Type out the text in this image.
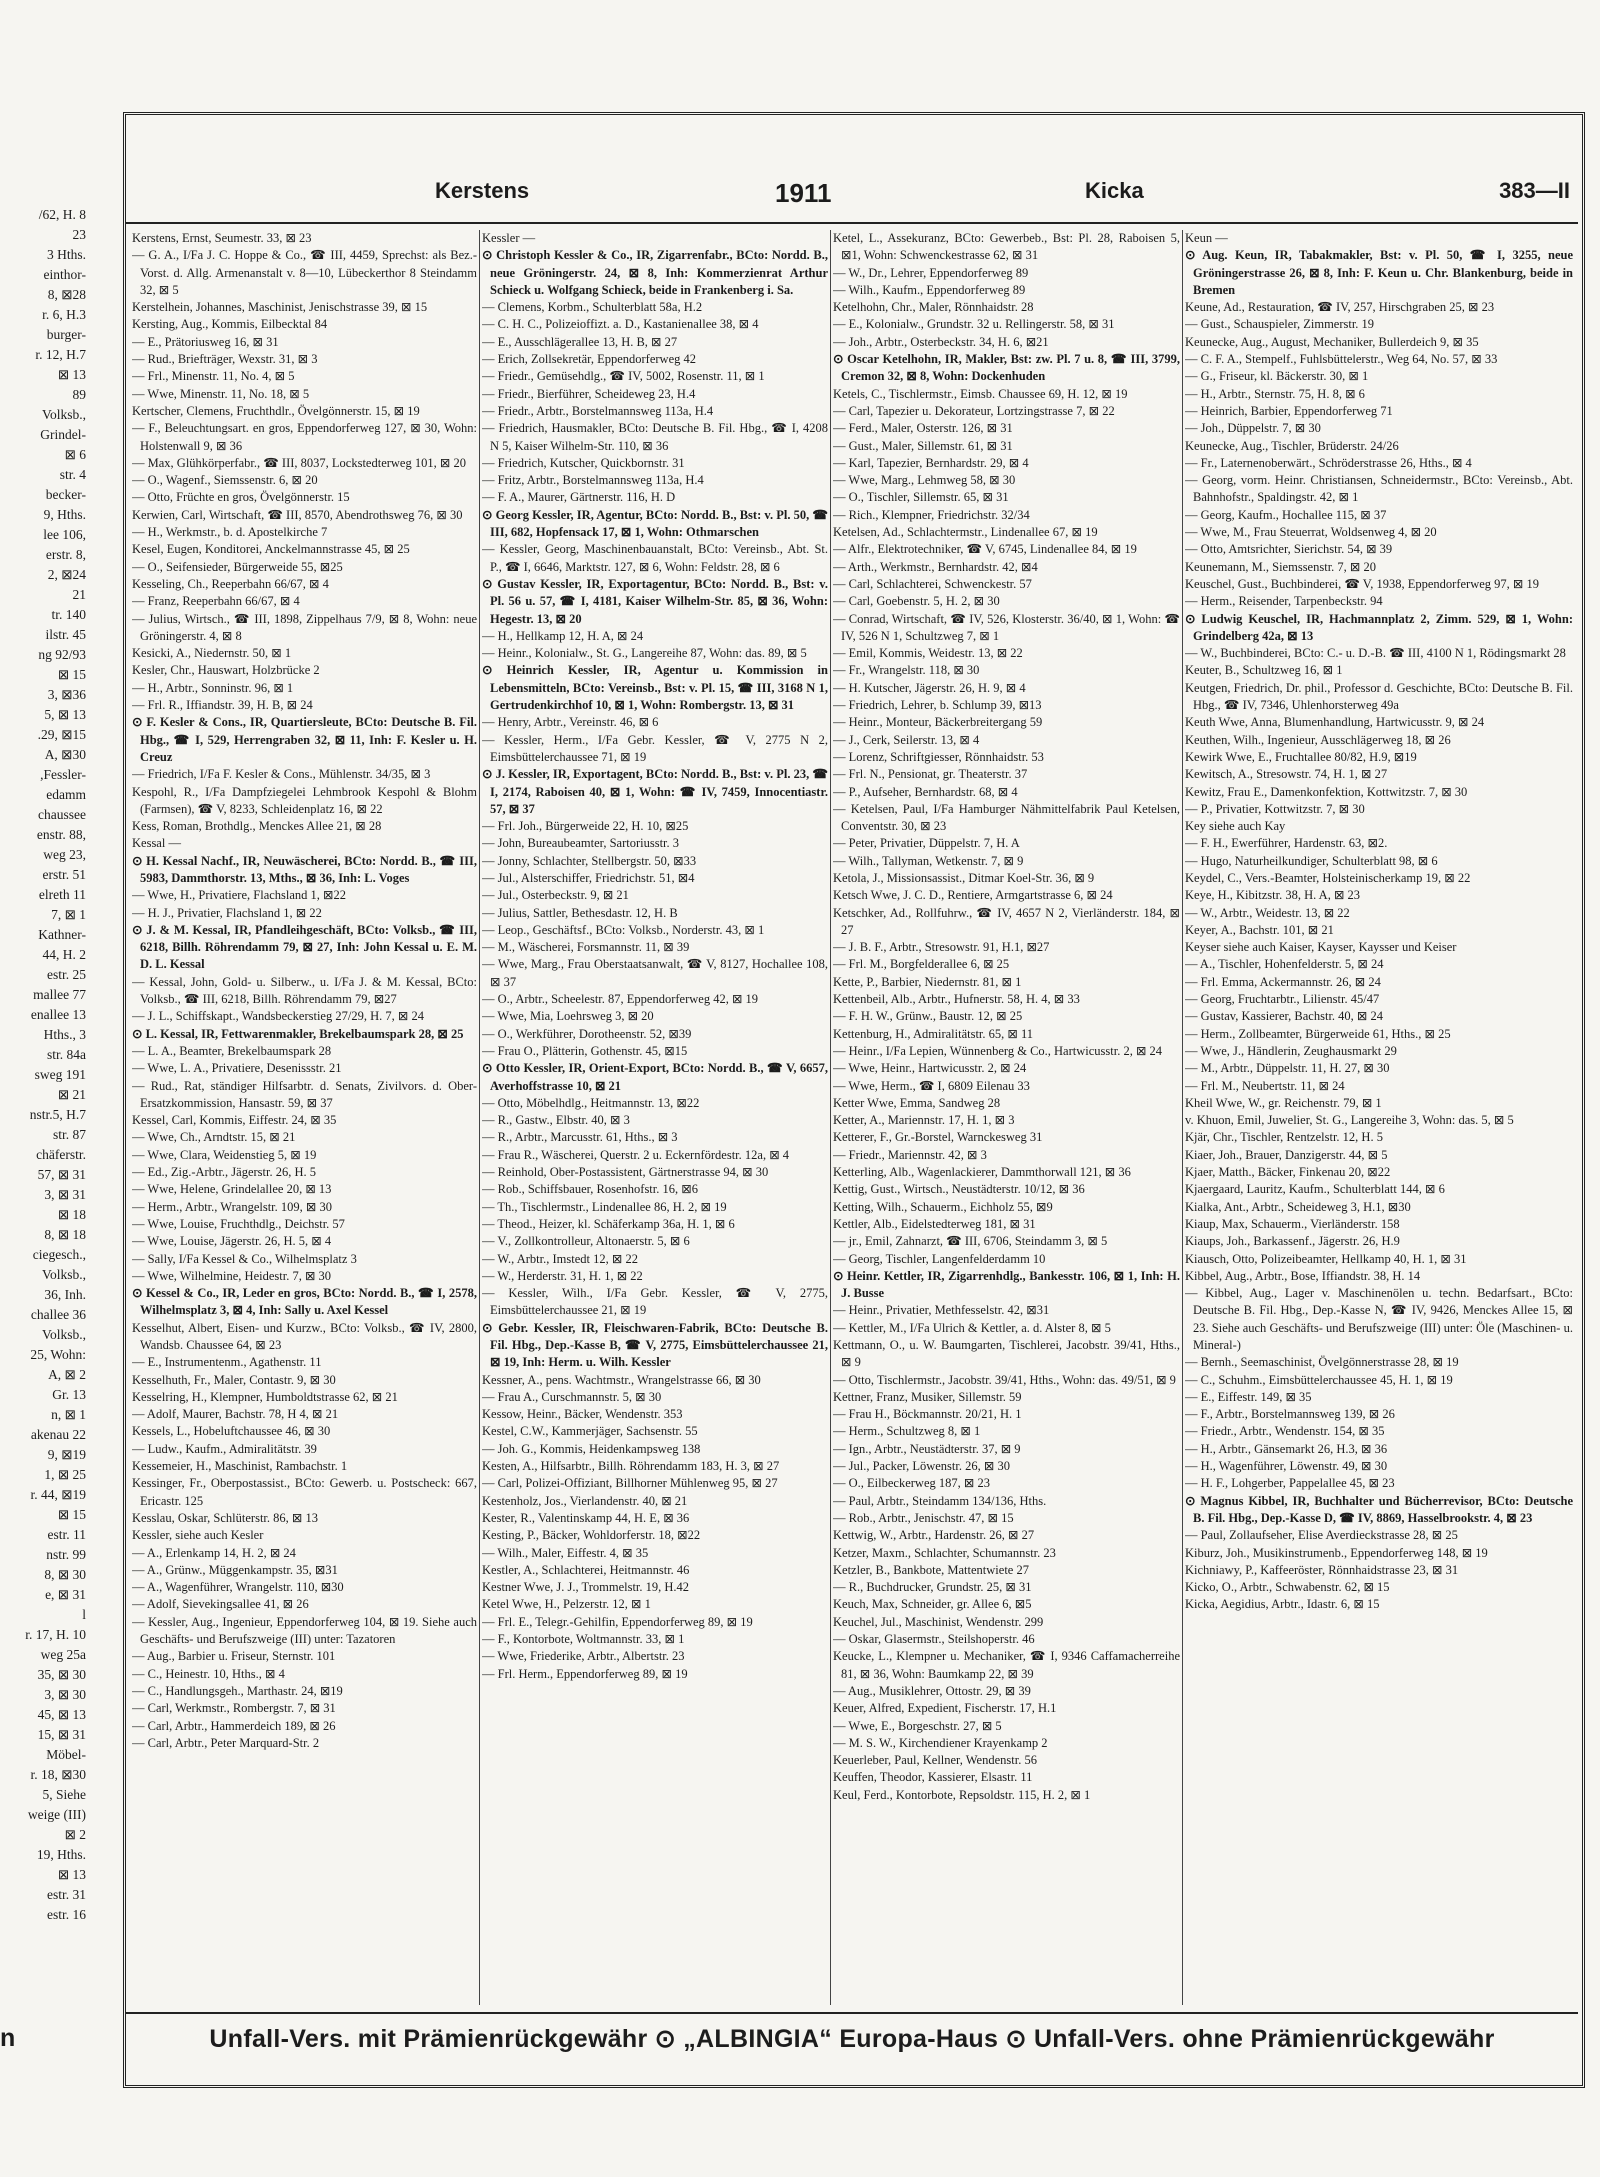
/62, H. 8
23
3 Hths.
einthor-
8, ⊠28
r. 6, H.3
burger-
r. 12, H.7
⊠ 13
89
Volksb.,
Grindel-
⊠ 6
str. 4
becker-
9, Hths.
lee 106,
erstr. 8,
2, ⊠24
21
tr. 140
ilstr. 45
ng 92/93
⊠ 15
3, ⊠36
5, ⊠ 13
.29, ⊠15
A, ⊠30
,Fessler-
edamm
chaussee
enstr. 88,
weg 23,
erstr. 51
elreth 11
7, ⊠ 1
Kathner-
44, H. 2
estr. 25
mallee 77
enallee 13
Hths., 3
str. 84a
sweg 191
⊠ 21
nstr.5, H.7
str. 87
chäferstr.
57, ⊠ 31
3, ⊠ 31
⊠ 18
8, ⊠ 18
ciegesch.,
Volksb.,
36, Inh.
challee 36
Volksb.,
25, Wohn:
A, ⊠ 2
Gr. 13
n, ⊠ 1
akenau 22
9, ⊠19
1, ⊠ 25
r. 44, ⊠19
⊠ 15
estr. 11
nstr. 99
8, ⊠ 30
e, ⊠ 31
l
r. 17, H. 10
weg 25a
35, ⊠ 30
3, ⊠ 30
45, ⊠ 13
15, ⊠ 31
Möbel-
r. 18, ⊠30
5, Siehe
weige (III)
⊠ 2
19, Hths.
⊠ 13
estr. 31
estr. 16
n
Kerstens	1911	Kicka	383—II

Kerstens, Ernst, Seumestr. 33, ⊠ 23

— G. A., I/Fa J. C. Hoppe & Co., ☎ III, 4459, Sprechst: als Bez.-Vorst. d. Allg. Armenanstalt v. 8—10, Lübeckerthor 8 Steindamm 32, ⊠ 5

Kerstelhein, Johannes, Maschinist, Jenischstrasse 39, ⊠ 15

Kersting, Aug., Kommis, Eilbecktal 84

— E., Prätoriusweg 16, ⊠ 31

— Rud., Briefträger, Wexstr. 31, ⊠ 3

— Frl., Minenstr. 11, No. 4, ⊠ 5

— Wwe, Minenstr. 11, No. 18, ⊠ 5

Kertscher, Clemens, Fruchthdlr., Övelgönnerstr. 15, ⊠ 19

— F., Beleuchtungsart. en gros, Eppendorferweg 127, ⊠ 30, Wohn: Holstenwall 9, ⊠ 36

— Max, Glühkörperfabr., ☎ III, 8037, Lockstedterweg 101, ⊠ 20

— O., Wagenf., Siemssenstr. 6, ⊠ 20

— Otto, Früchte en gros, Övelgönnerstr. 15

Kerwien, Carl, Wirtschaft, ☎ III, 8570, Abendrothsweg 76, ⊠ 30

— H., Werkmstr., b. d. Apostelkirche 7

Kesel, Eugen, Konditorei, Anckelmannstrasse 45, ⊠ 25

— O., Seifensieder, Bürgerweide 55, ⊠25

Kesseling, Ch., Reeperbahn 66/67, ⊠ 4

— Franz, Reeperbahn 66/67, ⊠ 4

— Julius, Wirtsch., ☎ III, 1898, Zippelhaus 7/9, ⊠ 8, Wohn: neue Gröningerstr. 4, ⊠ 8

Kesicki, A., Niedernstr. 50, ⊠ 1

Kesler, Chr., Hauswart, Holzbrücke 2

— H., Arbtr., Sonninstr. 96, ⊠ 1

— Frl. R., Iffiandstr. 39, H. B, ⊠ 24

⊙ F. Kesler & Cons., IR, Quartiersleute, BCto: Deutsche B. Fil. Hbg., ☎ I, 529, Herrengraben 32, ⊠ 11, Inh: F. Kesler u. H. Creuz

— Friedrich, I/Fa F. Kesler & Cons., Mühlenstr. 34/35, ⊠ 3

Kespohl, R., I/Fa Dampfziegelei Lehmbrook Kespohl & Blohm (Farmsen), ☎ V, 8233, Schleidenplatz 16, ⊠ 22

Kess, Roman, Brothdlg., Menckes Allee 21, ⊠ 28

Kessal —

⊙ H. Kessal Nachf., IR, Neuwäscherei, BCto: Nordd. B., ☎ III, 5983, Dammthorstr. 13, Mths., ⊠ 36, Inh: L. Voges

— Wwe, H., Privatiere, Flachsland 1, ⊠22

— H. J., Privatier, Flachsland 1, ⊠ 22

⊙ J. & M. Kessal, IR, Pfandleihgeschäft, BCto: Volksb., ☎ III, 6218, Billh. Röhrendamm 79, ⊠ 27, Inh: John Kessal u. E. M. D. L. Kessal

— Kessal, John, Gold- u. Silberw., u. I/Fa J. & M. Kessal, BCto: Volksb., ☎ III, 6218, Billh. Röhrendamm 79, ⊠27

— J. L., Schiffskapt., Wandsbeckerstieg 27/29, H. 7, ⊠ 24

⊙ L. Kessal, IR, Fettwarenmakler, Brekelbaumspark 28, ⊠ 25

— L. A., Beamter, Brekelbaumspark 28

— Wwe, L. A., Privatiere, Desenissstr. 21

— Rud., Rat, ständiger Hilfsarbtr. d. Senats, Zivilvors. d. Ober-Ersatzkommission, Hansastr. 59, ⊠ 37

Kessel, Carl, Kommis, Eiffestr. 24, ⊠ 35

— Wwe, Ch., Arndtstr. 15, ⊠ 21

— Wwe, Clara, Weidenstieg 5, ⊠ 19

— Ed., Zig.-Arbtr., Jägerstr. 26, H. 5

— Wwe, Helene, Grindelallee 20, ⊠ 13

— Herm., Arbtr., Wrangelstr. 109, ⊠ 30

— Wwe, Louise, Fruchthdlg., Deichstr. 57

— Wwe, Louise, Jägerstr. 26, H. 5, ⊠ 4

— Sally, I/Fa Kessel & Co., Wilhelmsplatz 3

— Wwe, Wilhelmine, Heidestr. 7, ⊠ 30

⊙ Kessel & Co., IR, Leder en gros, BCto: Nordd. B., ☎ I, 2578, Wilhelmsplatz 3, ⊠ 4, Inh: Sally u. Axel Kessel

Kesselhut, Albert, Eisen- und Kurzw., BCto: Volksb., ☎ IV, 2800, Wandsb. Chaussee 64, ⊠ 23

— E., Instrumentenm., Agathenstr. 11

Kesselhuth, Fr., Maler, Contastr. 9, ⊠ 30

Kesselring, H., Klempner, Humboldtstrasse 62, ⊠ 21

— Adolf, Maurer, Bachstr. 78, H 4, ⊠ 21

Kessels, L., Hobeluftchaussee 46, ⊠ 30

— Ludw., Kaufm., Admiralitätstr. 39

Kessemeier, H., Maschinist, Rambachstr. 1

Kessinger, Fr., Oberpostassist., BCto: Gewerb. u. Postscheck: 667, Ericastr. 125

Kesslau, Oskar, Schlüterstr. 86, ⊠ 13

Kessler, siehe auch Kesler

— A., Erlenkamp 14, H. 2, ⊠ 24

— A., Grünw., Müggenkampstr. 35, ⊠31

— A., Wagenführer, Wrangelstr. 110, ⊠30

— Adolf, Sievekingsallee 41, ⊠ 26

— Kessler, Aug., Ingenieur, Eppendorferweg 104, ⊠ 19. Siehe auch Geschäfts- und Berufszweige (III) unter: Tazatoren

— Aug., Barbier u. Friseur, Sternstr. 101

— C., Heinestr. 10, Hths., ⊠ 4

— C., Handlungsgeh., Marthastr. 24, ⊠19

— Carl, Werkmstr., Rombergstr. 7, ⊠ 31

— Carl, Arbtr., Hammerdeich 189, ⊠ 26

— Carl, Arbtr., Peter Marquard-Str. 2

Kessler —

⊙ Christoph Kessler & Co., IR, Zigarrenfabr., BCto: Nordd. B., neue Gröningerstr. 24, ⊠ 8, Inh: Kommerzienrat Arthur Schieck u. Wolfgang Schieck, beide in Frankenberg i. Sa.

— Clemens, Korbm., Schulterblatt 58a, H.2

— C. H. C., Polizeioffizt. a. D., Kastanienallee 38, ⊠ 4

— E., Ausschlägerallee 13, H. B, ⊠ 27

— Erich, Zollsekretär, Eppendorferweg 42

— Friedr., Gemüsehdlg., ☎ IV, 5002, Rosenstr. 11, ⊠ 1

— Friedr., Bierführer, Scheideweg 23, H.4

— Friedr., Arbtr., Borstelmannsweg 113a, H.4

— Friedrich, Hausmakler, BCto: Deutsche B. Fil. Hbg., ☎ I, 4208 N 5, Kaiser Wilhelm-Str. 110, ⊠ 36

— Friedrich, Kutscher, Quickbornstr. 31

— Fritz, Arbtr., Borstelmannsweg 113a, H.4

— F. A., Maurer, Gärtnerstr. 116, H. D

⊙ Georg Kessler, IR, Agentur, BCto: Nordd. B., Bst: v. Pl. 50, ☎ III, 682, Hopfensack 17, ⊠ 1, Wohn: Othmarschen

— Kessler, Georg, Maschinenbauanstalt, BCto: Vereinsb., Abt. St. P., ☎ I, 6646, Marktstr. 127, ⊠ 6, Wohn: Feldstr. 28, ⊠ 6

⊙ Gustav Kessler, IR, Exportagentur, BCto: Nordd. B., Bst: v. Pl. 56 u. 57, ☎ I, 4181, Kaiser Wilhelm-Str. 85, ⊠ 36, Wohn: Hegestr. 13, ⊠ 20

— H., Hellkamp 12, H. A, ⊠ 24

— Heinr., Kolonialw., St. G., Langereihe 87, Wohn: das. 89, ⊠ 5

⊙ Heinrich Kessler, IR, Agentur u. Kommission in Lebensmitteln, BCto: Vereinsb., Bst: v. Pl. 15, ☎ III, 3168 N 1, Gertrudenkirchhof 10, ⊠ 1, Wohn: Rombergstr. 13, ⊠ 31

— Henry, Arbtr., Vereinstr. 46, ⊠ 6

— Kessler, Herm., I/Fa Gebr. Kessler, ☎ V, 2775 N 2, Eimsbüttelerchaussee 71, ⊠ 19

⊙ J. Kessler, IR, Exportagent, BCto: Nordd. B., Bst: v. Pl. 23, ☎ I, 2174, Raboisen 40, ⊠ 1, Wohn: ☎ IV, 7459, Innocentiastr. 57, ⊠ 37

— Frl. Joh., Bürgerweide 22, H. 10, ⊠25

— John, Bureaubeamter, Sartoriusstr. 3

— Jonny, Schlachter, Stellbergstr. 50, ⊠33

— Jul., Alsterschiffer, Friedrichstr. 51, ⊠4

— Jul., Osterbeckstr. 9, ⊠ 21

— Julius, Sattler, Bethesdastr. 12, H. B

— Leop., Geschäftsf., BCto: Volksb., Norderstr. 43, ⊠ 1

— M., Wäscherei, Forsmannstr. 11, ⊠ 39

— Wwe, Marg., Frau Oberstaatsanwalt, ☎ V, 8127, Hochallee 108, ⊠ 37

— O., Arbtr., Scheelestr. 87, Eppendorferweg 42, ⊠ 19

— Wwe, Mia, Loehrsweg 3, ⊠ 20

— O., Werkführer, Dorotheenstr. 52, ⊠39

— Frau O., Plätterin, Gothenstr. 45, ⊠15

⊙ Otto Kessler, IR, Orient-Export, BCto: Nordd. B., ☎ V, 6657, Averhoffstrasse 10, ⊠ 21

— Otto, Möbelhdlg., Heitmannstr. 13, ⊠22

— R., Gastw., Elbstr. 40, ⊠ 3

— R., Arbtr., Marcusstr. 61, Hths., ⊠ 3

— Frau R., Wäscherei, Querstr. 2 u. Eckernfördestr. 12a, ⊠ 4

— Reinhold, Ober-Postassistent, Gärtnerstrasse 94, ⊠ 30

— Rob., Schiffsbauer, Rosenhofstr. 16, ⊠6

— Th., Tischlermstr., Lindenallee 86, H. 2, ⊠ 19

— Theod., Heizer, kl. Schäferkamp 36a, H. 1, ⊠ 6

— V., Zollkontrolleur, Altonaerstr. 5, ⊠ 6

— W., Arbtr., Imstedt 12, ⊠ 22

— W., Herderstr. 31, H. 1, ⊠ 22

— Kessler, Wilh., I/Fa Gebr. Kessler, ☎ V, 2775, Eimsbüttelerchaussee 21, ⊠ 19

⊙ Gebr. Kessler, IR, Fleischwaren-Fabrik, BCto: Deutsche B. Fil. Hbg., Dep.-Kasse B, ☎ V, 2775, Eimsbüttelerchaussee 21, ⊠ 19, Inh: Herm. u. Wilh. Kessler

Kessner, A., pens. Wachtmstr., Wrangelstrasse 66, ⊠ 30

— Frau A., Curschmannstr. 5, ⊠ 30

Kessow, Heinr., Bäcker, Wendenstr. 353

Kestel, C.W., Kammerjäger, Sachsenstr. 55

— Joh. G., Kommis, Heidenkampsweg 138

Kesten, A., Hilfsarbtr., Billh. Röhrendamm 183, H. 3, ⊠ 27

— Carl, Polizei-Offiziant, Billhorner Mühlenweg 95, ⊠ 27

Kestenholz, Jos., Vierlandenstr. 40, ⊠ 21

Kester, R., Valentinskamp 44, H. E, ⊠ 36

Kesting, P., Bäcker, Wohldorferstr. 18, ⊠22

— Wilh., Maler, Eiffestr. 4, ⊠ 35

Kestler, A., Schlachterei, Heitmannstr. 46

Kestner Wwe, J. J., Trommelstr. 19, H.42

Ketel Wwe, H., Pelzerstr. 12, ⊠ 1

— Frl. E., Telegr.-Gehilfin, Eppendorferweg 89, ⊠ 19

— F., Kontorbote, Woltmannstr. 33, ⊠ 1

— Wwe, Friederike, Arbtr., Albertstr. 23

— Frl. Herm., Eppendorferweg 89, ⊠ 19

Ketel, L., Assekuranz, BCto: Gewerbeb., Bst: Pl. 28, Raboisen 5, ⊠1, Wohn: Schwenckestrasse 62, ⊠ 31

— W., Dr., Lehrer, Eppendorferweg 89

— Wilh., Kaufm., Eppendorferweg 89

Ketelhohn, Chr., Maler, Rönnhaidstr. 28

— E., Kolonialw., Grundstr. 32 u. Rellingerstr. 58, ⊠ 31

— Joh., Arbtr., Osterbeckstr. 34, H. 6, ⊠21

⊙ Oscar Ketelhohn, IR, Makler, Bst: zw. Pl. 7 u. 8, ☎ III, 3799, Cremon 32, ⊠ 8, Wohn: Dockenhuden

Ketels, C., Tischlermstr., Eimsb. Chaussee 69, H. 12, ⊠ 19

— Carl, Tapezier u. Dekorateur, Lortzingstrasse 7, ⊠ 22

— Ferd., Maler, Osterstr. 126, ⊠ 31

— Gust., Maler, Sillemstr. 61, ⊠ 31

— Karl, Tapezier, Bernhardstr. 29, ⊠ 4

— Wwe, Marg., Lehmweg 58, ⊠ 30

— O., Tischler, Sillemstr. 65, ⊠ 31

— Rich., Klempner, Friedrichstr. 32/34

Ketelsen, Ad., Schlachtermstr., Lindenallee 67, ⊠ 19

— Alfr., Elektrotechniker, ☎ V, 6745, Lindenallee 84, ⊠ 19

— Arth., Werkmstr., Bernhardstr. 42, ⊠4

— Carl, Schlachterei, Schwenckestr. 57

— Carl, Goebenstr. 5, H. 2, ⊠ 30

— Conrad, Wirtschaft, ☎ IV, 526, Klosterstr. 36/40, ⊠ 1, Wohn: ☎ IV, 526 N 1, Schultzweg 7, ⊠ 1

— Emil, Kommis, Weidestr. 13, ⊠ 22

— Fr., Wrangelstr. 118, ⊠ 30

— H. Kutscher, Jägerstr. 26, H. 9, ⊠ 4

— Friedrich, Lehrer, b. Schlump 39, ⊠13

— Heinr., Monteur, Bäckerbreitergang 59

— J., Cerk, Seilerstr. 13, ⊠ 4

— Lorenz, Schriftgiesser, Rönnhaidstr. 53

— Frl. N., Pensionat, gr. Theaterstr. 37

— P., Aufseher, Bernhardstr. 68, ⊠ 4

— Ketelsen, Paul, I/Fa Hamburger Nähmittelfabrik Paul Ketelsen, Conventstr. 30, ⊠ 23

— Peter, Privatier, Düppelstr. 7, H. A

— Wilh., Tallyman, Wetkenstr. 7, ⊠ 9

Ketola, J., Missionsassist., Ditmar Koel-Str. 36, ⊠ 9

Ketsch Wwe, J. C. D., Rentiere, Armgartstrasse 6, ⊠ 24

Ketschker, Ad., Rollfuhrw., ☎ IV, 4657 N 2, Vierländerstr. 184, ⊠ 27

— J. B. F., Arbtr., Stresowstr. 91, H.1, ⊠27

— Frl. M., Borgfelderallee 6, ⊠ 25

Kette, P., Barbier, Niedernstr. 81, ⊠ 1

Kettenbeil, Alb., Arbtr., Hufnerstr. 58, H. 4, ⊠ 33

— F. H. W., Grünw., Baustr. 12, ⊠ 25

Kettenburg, H., Admiralitätstr. 65, ⊠ 11

— Heinr., I/Fa Lepien, Wünnenberg & Co., Hartwicusstr. 2, ⊠ 24

— Wwe, Heinr., Hartwicusstr. 2, ⊠ 24

— Wwe, Herm., ☎ I, 6809 Eilenau 33

Ketter Wwe, Emma, Sandweg 28

Ketter, A., Mariennstr. 17, H. 1, ⊠ 3

Ketterer, F., Gr.-Borstel, Warnckesweg 31

— Friedr., Mariennstr. 42, ⊠ 3

Ketterling, Alb., Wagenlackierer, Dammthorwall 121, ⊠ 36

Kettig, Gust., Wirtsch., Neustädterstr. 10/12, ⊠ 36

Ketting, Wilh., Schauerm., Eichholz 55, ⊠9

Kettler, Alb., Eidelstedterweg 181, ⊠ 31

— jr., Emil, Zahnarzt, ☎ III, 6706, Steindamm 3, ⊠ 5

— Georg, Tischler, Langenfelderdamm 10

⊙ Heinr. Kettler, IR, Zigarrenhdlg., Bankesstr. 106, ⊠ 1, Inh: H. J. Busse

— Heinr., Privatier, Methfesselstr. 42, ⊠31

— Kettler, M., I/Fa Ulrich & Kettler, a. d. Alster 8, ⊠ 5

Kettmann, O., u. W. Baumgarten, Tischlerei, Jacobstr. 39/41, Hths., ⊠ 9

— Otto, Tischlermstr., Jacobstr. 39/41, Hths., Wohn: das. 49/51, ⊠ 9

Kettner, Franz, Musiker, Sillemstr. 59

— Frau H., Böckmannstr. 20/21, H. 1

— Herm., Schultzweg 8, ⊠ 1

— Ign., Arbtr., Neustädterstr. 37, ⊠ 9

— Jul., Packer, Löwenstr. 26, ⊠ 30

— O., Eilbeckerweg 187, ⊠ 23

— Paul, Arbtr., Steindamm 134/136, Hths.

— Rob., Arbtr., Jenischstr. 47, ⊠ 15

Kettwig, W., Arbtr., Hardenstr. 26, ⊠ 27

Ketzer, Maxm., Schlachter, Schumannstr. 23

Ketzler, B., Bankbote, Mattentwiete 27

— R., Buchdrucker, Grundstr. 25, ⊠ 31

Keuch, Max, Schneider, gr. Allee 6, ⊠5

Keuchel, Jul., Maschinist, Wendenstr. 299

— Oskar, Glasermstr., Steilshoperstr. 46

Keucke, L., Klempner u. Mechaniker, ☎ I, 9346 Caffamacherreihe 81, ⊠ 36, Wohn: Baumkamp 22, ⊠ 39

— Aug., Musiklehrer, Ottostr. 29, ⊠ 39

Keuer, Alfred, Expedient, Fischerstr. 17, H.1

— Wwe, E., Borgeschstr. 27, ⊠ 5

— M. S. W., Kirchendiener Krayenkamp 2

Keuerleber, Paul, Kellner, Wendenstr. 56

Keuffen, Theodor, Kassierer, Elsastr. 11

Keul, Ferd., Kontorbote, Repsoldstr. 115, H. 2, ⊠ 1

Keun —

⊙ Aug. Keun, IR, Tabakmakler, Bst: v. Pl. 50, ☎ I, 3255, neue Gröningerstrasse 26, ⊠ 8, Inh: F. Keun u. Chr. Blankenburg, beide in Bremen

Keune, Ad., Restauration, ☎ IV, 257, Hirschgraben 25, ⊠ 23

— Gust., Schauspieler, Zimmerstr. 19

Keunecke, Aug., August, Mechaniker, Bullerdeich 9, ⊠ 35

— C. F. A., Stempelf., Fuhlsbüttelerstr., Weg 64, No. 57, ⊠ 33

— G., Friseur, kl. Bäckerstr. 30, ⊠ 1

— H., Arbtr., Sternstr. 75, H. 8, ⊠ 6

— Heinrich, Barbier, Eppendorferweg 71

— Joh., Düppelstr. 7, ⊠ 30

Keunecke, Aug., Tischler, Brüderstr. 24/26

— Fr., Laternenoberwärt., Schröderstrasse 26, Hths., ⊠ 4

— Georg, vorm. Heinr. Christiansen, Schneidermstr., BCto: Vereinsb., Abt. Bahnhofstr., Spaldingstr. 42, ⊠ 1

— Georg, Kaufm., Hochallee 115, ⊠ 37

— Wwe, M., Frau Steuerrat, Woldsenweg 4, ⊠ 20

— Otto, Amtsrichter, Sierichstr. 54, ⊠ 39

Keunemann, M., Siemssenstr. 7, ⊠ 20

Keuschel, Gust., Buchbinderei, ☎ V, 1938, Eppendorferweg 97, ⊠ 19

— Herm., Reisender, Tarpenbeckstr. 94

⊙ Ludwig Keuschel, IR, Hachmannplatz 2, Zimm. 529, ⊠ 1, Wohn: Grindelberg 42a, ⊠ 13

— W., Buchbinderei, BCto: C.- u. D.-B. ☎ III, 4100 N 1, Rödingsmarkt 28

Keuter, B., Schultzweg 16, ⊠ 1

Keutgen, Friedrich, Dr. phil., Professor d. Geschichte, BCto: Deutsche B. Fil. Hbg., ☎ IV, 7346, Uhlenhorsterweg 49a

Keuth Wwe, Anna, Blumenhandlung, Hartwicusstr. 9, ⊠ 24

Keuthen, Wilh., Ingenieur, Ausschlägerweg 18, ⊠ 26

Kewirk Wwe, E., Fruchtallee 80/82, H.9, ⊠19

Kewitsch, A., Stresowstr. 74, H. 1, ⊠ 27

Kewitz, Frau E., Damenkonfektion, Kottwitzstr. 7, ⊠ 30

— P., Privatier, Kottwitzstr. 7, ⊠ 30

Key siehe auch Kay

— F. H., Ewerführer, Hardenstr. 63, ⊠2.

— Hugo, Naturheilkundiger, Schulterblatt 98, ⊠ 6

Keydel, C., Vers.-Beamter, Holsteinischerkamp 19, ⊠ 22

Keye, H., Kibitzstr. 38, H. A, ⊠ 23

— W., Arbtr., Weidestr. 13, ⊠ 22

Keyer, A., Bachstr. 101, ⊠ 21

Keyser siehe auch Kaiser, Kayser, Kaysser und Keiser

— A., Tischler, Hohenfelderstr. 5, ⊠ 24

— Frl. Emma, Ackermannstr. 26, ⊠ 24

— Georg, Fruchtarbtr., Lilienstr. 45/47

— Gustav, Kassierer, Bachstr. 40, ⊠ 24

— Herm., Zollbeamter, Bürgerweide 61, Hths., ⊠ 25

— Wwe, J., Händlerin, Zeughausmarkt 29

— M., Arbtr., Düppelstr. 11, H. 27, ⊠ 30

— Frl. M., Neubertstr. 11, ⊠ 24

Kheil Wwe, W., gr. Reichenstr. 79, ⊠ 1

v. Khuon, Emil, Juwelier, St. G., Langereihe 3, Wohn: das. 5, ⊠ 5

Kjär, Chr., Tischler, Rentzelstr. 12, H. 5

Kiaer, Joh., Brauer, Danzigerstr. 44, ⊠ 5

Kjaer, Matth., Bäcker, Finkenau 20, ⊠22

Kjaergaard, Lauritz, Kaufm., Schulterblatt 144, ⊠ 6

Kialka, Ant., Arbtr., Scheideweg 3, H.1, ⊠30

Kiaup, Max, Schauerm., Vierländerstr. 158

Kiaups, Joh., Barkassenf., Jägerstr. 26, H.9

Kiausch, Otto, Polizeibeamter, Hellkamp 40, H. 1, ⊠ 31

Kibbel, Aug., Arbtr., Bose, Iffiandstr. 38, H. 14

— Kibbel, Aug., Lager v. Maschinenölen u. techn. Bedarfsart., BCto: Deutsche B. Fil. Hbg., Dep.-Kasse N, ☎ IV, 9426, Menckes Allee 15, ⊠ 23. Siehe auch Geschäfts- und Berufszweige (III) unter: Öle (Maschinen- u. Mineral-)

— Bernh., Seemaschinist, Övelgönnerstrasse 28, ⊠ 19

— C., Schuhm., Eimsbüttelerchaussee 45, H. 1, ⊠ 19

— E., Eiffestr. 149, ⊠ 35

— F., Arbtr., Borstelmannsweg 139, ⊠ 26

— Friedr., Arbtr., Wendenstr. 154, ⊠ 35

— H., Arbtr., Gänsemarkt 26, H.3, ⊠ 36

— H., Wagenführer, Löwenstr. 49, ⊠ 30

— H. F., Lohgerber, Pappelallee 45, ⊠ 23

⊙ Magnus Kibbel, IR, Buchhalter und Bücherrevisor, BCto: Deutsche B. Fil. Hbg., Dep.-Kasse D, ☎ IV, 8869, Hasselbrookstr. 4, ⊠ 23

— Paul, Zollaufseher, Elise Averdieckstrasse 28, ⊠ 25

Kiburz, Joh., Musikinstrumenb., Eppendorferweg 148, ⊠ 19

Kichniawy, P., Kaffeeröster, Rönnhaidstrasse 23, ⊠ 31

Kicko, O., Arbtr., Schwabenstr. 62, ⊠ 15

Kicka, Aegidius, Arbtr., Idastr. 6, ⊠ 15

Unfall-Vers. mit Prämienrückgewähr ⊙ „ALBINGIA“ Europa-Haus ⊙ Unfall-Vers. ohne Prämienrückgewähr
